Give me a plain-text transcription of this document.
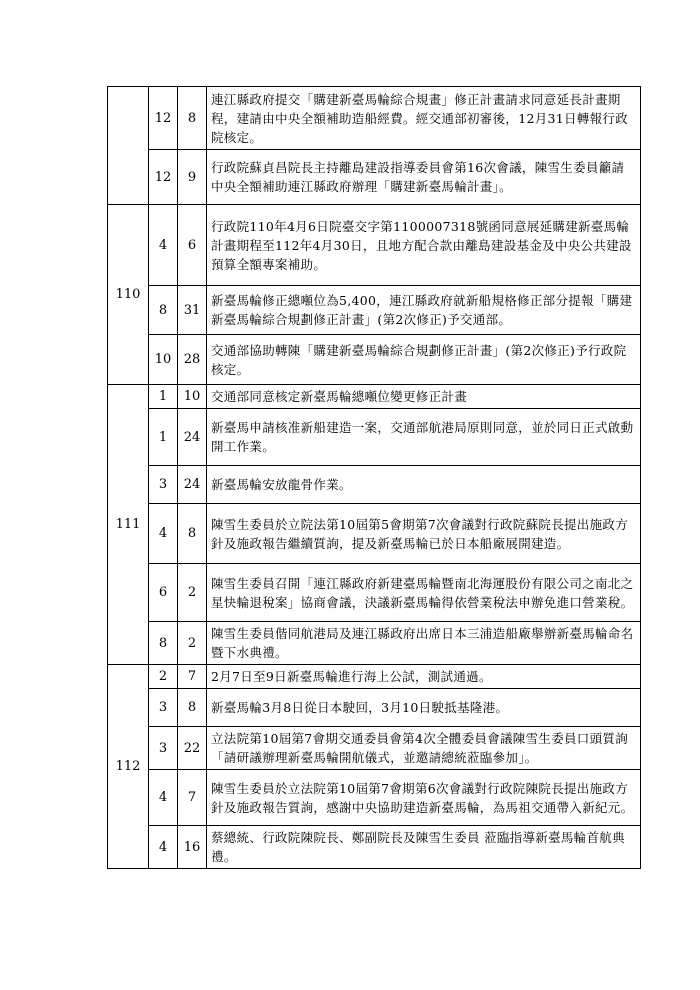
	12	8	連江縣政府提交「購建新臺馬輪綜合規畫」修正計畫請求同意延長計畫期程，建請由中央全額補助造船經費。經交通部初審後，12月31日轉報行政院核定。
	12	9	行政院蘇貞昌院長主持離島建設指導委員會第16次會議，陳雪生委員籲請中央全額補助連江縣政府辦理「購建新臺馬輪計畫」。
110	4	6	行政院110年4月6日院臺交字第1100007318號函同意展延購建新臺馬輪計畫期程至112年4月30日，且地方配合款由離島建設基金及中央公共建設預算全額專案補助。
	8	31	新臺馬輪修正總噸位為5,400，連江縣政府就新船規格修正部分提報「購建新臺馬輪綜合規劃修正計畫」(第2次修正)予交通部。
	10	28	交通部協助轉陳「購建新臺馬輪綜合規劃修正計畫」(第2次修正)予行政院核定。
111	1	10	交通部同意核定新臺馬輪總噸位變更修正計畫
	1	24	新臺馬申請核准新船建造一案，交通部航港局原則同意，並於同日正式啟動開工作業。
	3	24	新臺馬輪安放龍骨作業。
	4	8	陳雪生委員於立院法第10屆第5會期第7次會議對行政院蘇院長提出施政方針及施政報告繼續質詢，提及新臺馬輪已於日本船廠展開建造。
	6	2	陳雪生委員召開「連江縣政府新建臺馬輪暨南北海運股份有限公司之南北之星快輪退稅案」協商會議，決議新臺馬輪得依營業稅法申辦免進口營業稅。
	8	2	陳雪生委員偕同航港局及連江縣政府出席日本三浦造船廠舉辦新臺馬輪命名暨下水典禮。
112	2	7	2月7日至9日新臺馬輪進行海上公試，測試通過。
	3	8	新臺馬輪3月8日從日本駛回，3月10日駛抵基隆港。
	3	22	立法院第10屆第7會期交通委員會第4次全體委員會議陳雪生委員口頭質詢「請研議辦理新臺馬輪開航儀式，並邀請總統蒞臨參加」。
	4	7	陳雪生委員於立法院第10屆第7會期第6次會議對行政院陳院長提出施政方針及施政報告質詢，感謝中央協助建造新臺馬輪，為馬祖交通帶入新紀元。
	4	16	蔡總統、行政院陳院長、鄭副院長及陳雪生委員 蒞臨指導新臺馬輪首航典禮。
